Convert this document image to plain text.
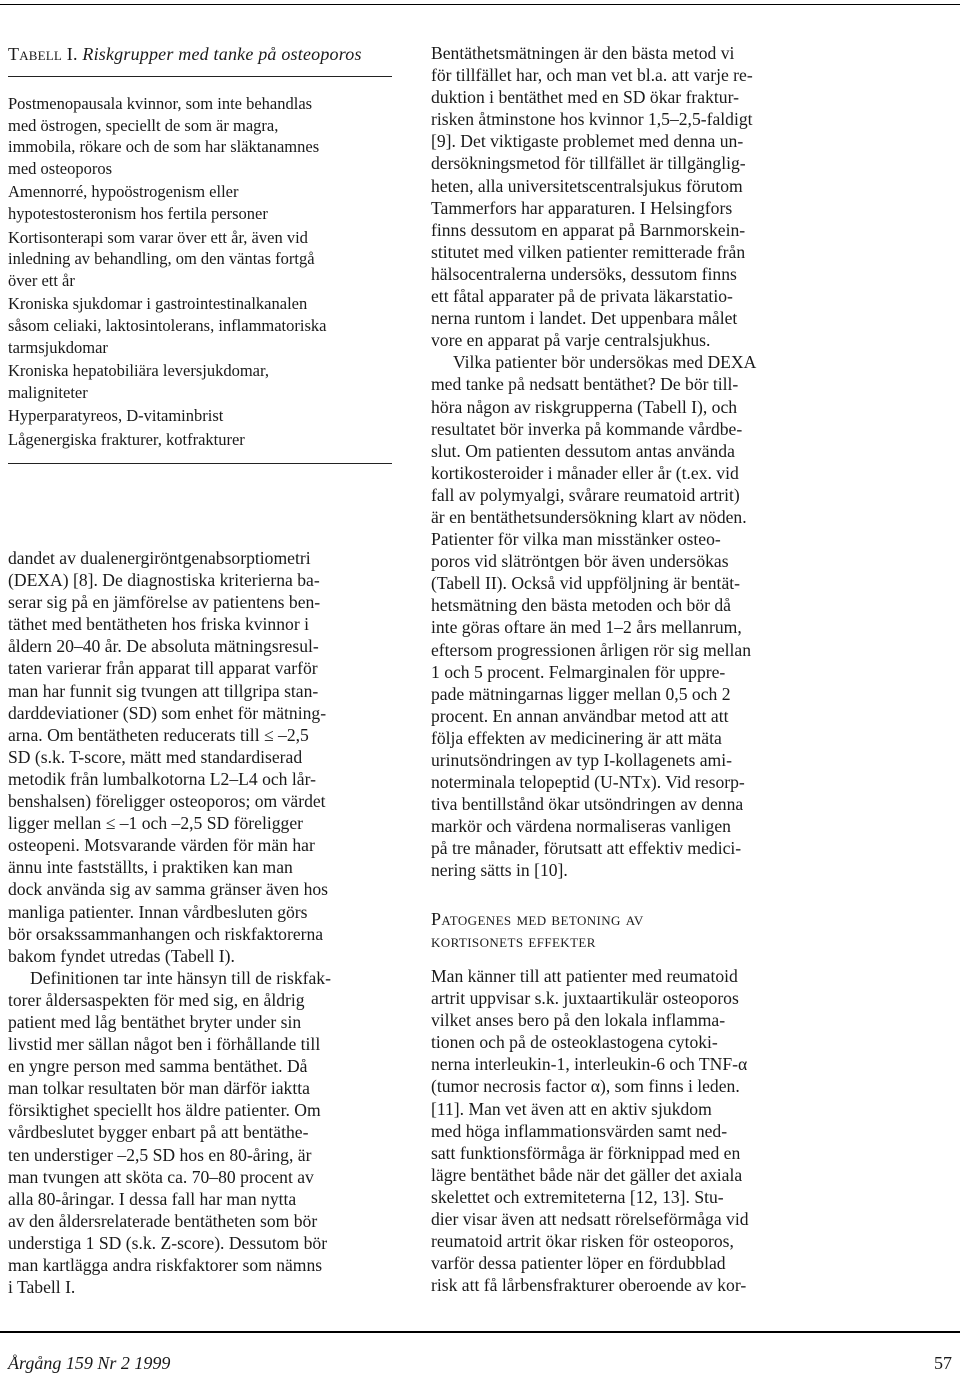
Tabell I. Riskgrupper med tanke på osteoporos
Postmenopausala kvinnor, som inte behandlas
med östrogen, speciellt de som är magra,
immobila, rökare och de som har släktanamnes
med osteoporos
Amennorré, hypoöstrogenism eller
hypotestosteronism hos fertila personer
Kortisonterapi som varar över ett år, även vid
inledning av behandling, om den väntas fortgå
över ett år
Kroniska sjukdomar i gastrointestinalkanalen
såsom celiaki, laktosintolerans, inflammatoriska
tarmsjukdomar
Kroniska hepatobiliära leversjukdomar,
maligniteter
Hyperparatyreos, D-vitaminbrist
Lågenergiska frakturer, kotfrakturer
dandet av dualenergiröntgenabsorptiometri
(DEXA) [8]. De diagnostiska kriterierna ba-
serar sig på en jämförelse av patientens ben-
täthet med bentätheten hos friska kvinnor i
åldern 20–40 år. De absoluta mätningsresul-
taten varierar från apparat till apparat varför
man har funnit sig tvungen att tillgripa stan-
darddeviationer (SD) som enhet för mätning-
arna. Om bentätheten reducerats till ≤ –2,5
SD (s.k. T-score, mätt med standardiserad
metodik från lumbalkotorna L2–L4 och lår-
benshalsen) föreligger osteoporos; om värdet
ligger mellan ≤ –1 och –2,5 SD föreligger
osteopeni. Motsvarande värden för män har
ännu inte fastställts, i praktiken kan man
dock använda sig av samma gränser även hos
manliga patienter. Innan vårdbesluten görs
bör orsakssammanhangen och riskfaktorerna
bakom fyndet utredas (Tabell I).
Definitionen tar inte hänsyn till de riskfak-
torer åldersaspekten för med sig, en åldrig
patient med låg bentäthet bryter under sin
livstid mer sällan något ben i förhållande till
en yngre person med samma bentäthet. Då
man tolkar resultaten bör man därför iaktta
försiktighet speciellt hos äldre patienter. Om
vårdbeslutet bygger enbart på att bentäthe-
ten understiger –2,5 SD hos en 80-åring, är
man tvungen att sköta ca. 70–80 procent av
alla 80-åringar. I dessa fall har man nytta
av den åldersrelaterade bentätheten som bör
understiga 1 SD (s.k. Z-score). Dessutom bör
man kartlägga andra riskfaktorer som nämns
i Tabell I.
Bentäthetsmätningen är den bästa metod vi
för tillfället har, och man vet bl.a. att varje re-
duktion i bentäthet med en SD ökar fraktur-
risken åtminstone hos kvinnor 1,5–2,5-faldigt
[9]. Det viktigaste problemet med denna un-
dersökningsmetod för tillfället är tillgänglig-
heten, alla universitetscentralsjukus förutom
Tammerfors har apparaturen. I Helsingfors
finns dessutom en apparat på Barnmorskein-
stitutet med vilken patienter remitterade från
hälsocentralerna undersöks, dessutom finns
ett fåtal apparater på de privata läkarstatio-
nerna runtom i landet. Det uppenbara målet
vore en apparat på varje centralsjukhus.
Vilka patienter bör undersökas med DEXA
med tanke på nedsatt bentäthet? De bör till-
höra någon av riskgrupperna (Tabell I), och
resultatet bör inverka på kommande vårdbe-
slut. Om patienten dessutom antas använda
kortikosteroider i månader eller år (t.ex. vid
fall av polymyalgi, svårare reumatoid artrit)
är en bentäthetsundersökning klart av nöden.
Patienter för vilka man misstänker osteo-
poros vid slätröntgen bör även undersökas
(Tabell II). Också vid uppföljning är bentät-
hetsmätning den bästa metoden och bör då
inte göras oftare än med 1–2 års mellanrum,
eftersom progressionen årligen rör sig mellan
1 och 5 procent. Felmarginalen för uppre-
pade mätningarnas ligger mellan 0,5 och 2
procent. En annan användbar metod att att
följa effekten av medicinering är att mäta
urinutsöndringen av typ I-kollagenets ami-
noterminala telopeptid (U-NTx). Vid resorp-
tiva bentillstånd ökar utsöndringen av denna
markör och värdena normaliseras vanligen
på tre månader, förutsatt att effektiv medici-
nering sätts in [10].
Patogenes med betoning av
kortisonets effekter
Man känner till att patienter med reumatoid
artrit uppvisar s.k. juxtaartikulär osteoporos
vilket anses bero på den lokala inflamma-
tionen och på de osteoklastogena cytoki-
nerna interleukin-1, interleukin-6 och TNF-α
(tumor necrosis factor α), som finns i leden.
[11]. Man vet även att en aktiv sjukdom
med höga inflammationsvärden samt ned-
satt funktionsförmåga är förknippad med en
lägre bentäthet både när det gäller det axiala
skelettet och extremiteterna [12, 13]. Stu-
dier visar även att nedsatt rörelseförmåga vid
reumatoid artrit ökar risken för osteoporos,
varför dessa patienter löper en fördubblad
risk att få lårbensfrakturer oberoende av kor-
Årgång 159 Nr 2 1999	57
